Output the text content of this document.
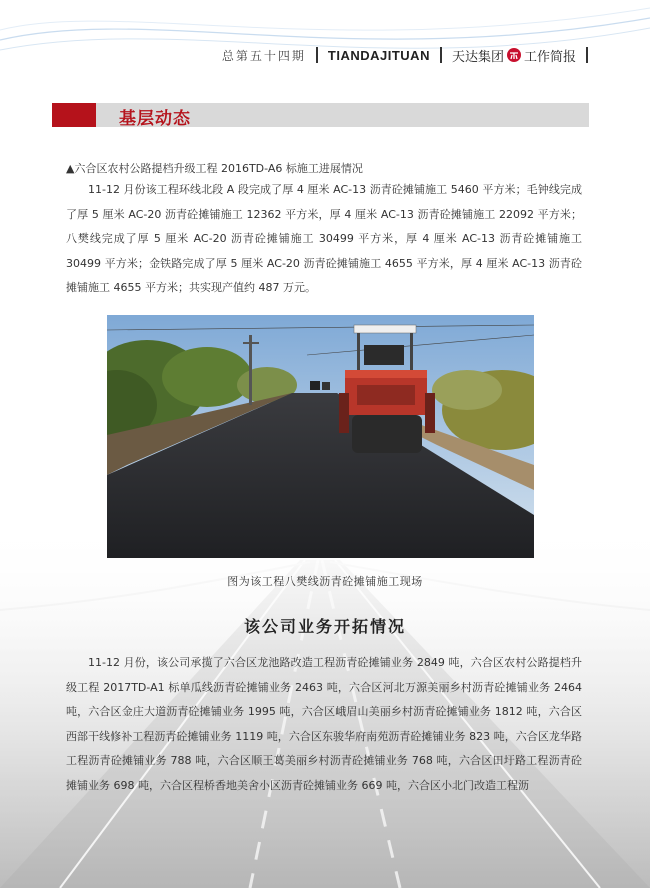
总第五十四期 TIANDAJITUAN 天达集团 工作简报
基层动态
▲六合区农村公路提档升级工程 2016TD-A6 标施工进展情况

11-12 月份该工程环线北段 A 段完成了厚 4 厘米 AC-13 沥青砼摊铺施工 5460 平方米；毛钟线完成了厚 5 厘米 AC-20 沥青砼摊铺施工 12362 平方米，厚 4 厘米 AC-13 沥青砼摊铺施工 22092 平方米；八樊线完成了厚 5 厘米 AC-20 沥青砼摊铺施工 30499 平方米，厚 4 厘米 AC-13 沥青砼摊铺施工 30499 平方米；金铁路完成了厚 5 厘米 AC-20 沥青砼摊铺施工 4655 平方米，厚 4 厘米 AC-13 沥青砼摊铺施工 4655 平方米；共实现产值约 487 万元。

图为该工程八樊线沥青砼摊铺施工现场
该公司业务开拓情况

11-12 月份，该公司承揽了六合区龙池路改造工程沥青砼摊铺业务 2849 吨，六合区农村公路提档升级工程 2017TD-A1 标单瓜线沥青砼摊铺业务 2463 吨，六合区河北万源美丽乡村沥青砼摊铺业务 2464 吨，六合区金庄大道沥青砼摊铺业务 1995 吨，六合区峨眉山美丽乡村沥青砼摊铺业务 1812 吨，六合区西部干线修补工程沥青砼摊铺业务 1119 吨，六合区东骏华府南苑沥青砼摊铺业务 823 吨，六合区龙华路工程沥青砼摊铺业务 788 吨，六合区顺王葛美丽乡村沥青砼摊铺业务 768 吨，六合区田圩路工程沥青砼摊铺业务 698 吨，六合区程桥香地美舍小区沥青砼摊铺业务 669 吨，六合区小北门改造工程沥
